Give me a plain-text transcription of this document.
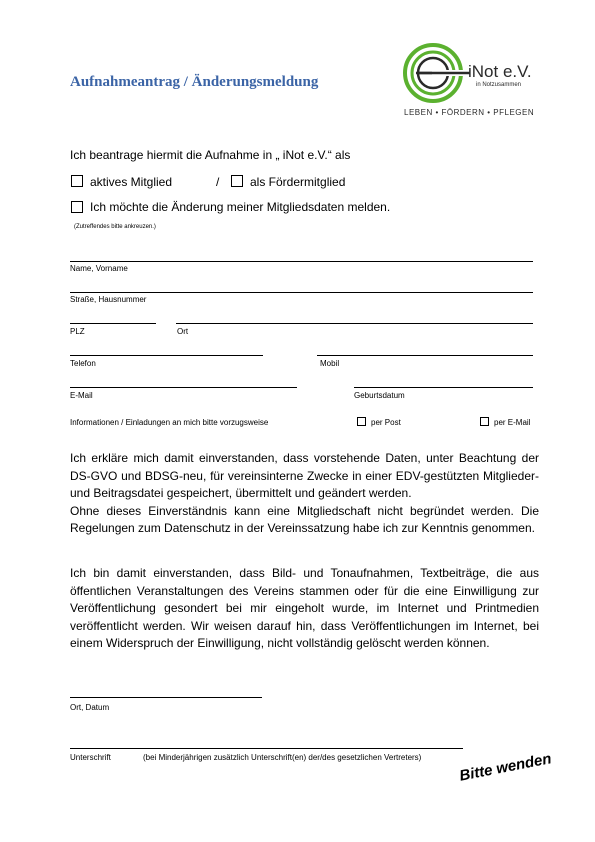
Aufnahmeantrag / Änderungsmeldung
iNot e.V.
in Notzusammen
LEBEN • FÖRDERN • PFLEGEN
Ich beantrage hiermit die Aufnahme in „ iNot e.V.“ als
aktives Mitglied	/	als Fördermitglied
Ich möchte die Änderung meiner Mitgliedsdaten melden.
(Zutreffendes bitte ankreuzen.)
Name, Vorname
Straße, Hausnummer
PLZ	Ort
Telefon	Mobil
E-Mail	Geburtsdatum
Informationen / Einladungen an mich bitte vorzugsweise	per Post	per E-Mail

Ich erkläre mich damit einverstanden, dass vorstehende Daten, unter Beachtung der DS-GVO und BDSG-neu, für vereinsinterne Zwecke in einer EDV-gestützten Mitglieder- und Beitragsdatei gespeichert, übermittelt und geändert werden.

Ohne dieses Einverständnis kann eine Mitgliedschaft nicht begründet werden. Die Regelungen zum Datenschutz in der Vereinssatzung habe ich zur Kenntnis genommen.

Ich bin damit einverstanden, dass Bild- und Tonaufnahmen, Textbeiträge, die aus öffentlichen Veranstaltungen des Vereins stammen oder für die eine Einwilligung zur Veröffentlichung gesondert bei mir eingeholt wurde, im Internet und Printmedien veröffentlicht werden. Wir weisen darauf hin, dass Veröffentlichungen im Internet, bei einem Widerspruch der Einwilligung, nicht vollständig gelöscht werden können.

Ort, Datum
Unterschrift	(bei Minderjährigen zusätzlich Unterschrift(en) der/des gesetzlichen Vertreters) Bitte wenden
